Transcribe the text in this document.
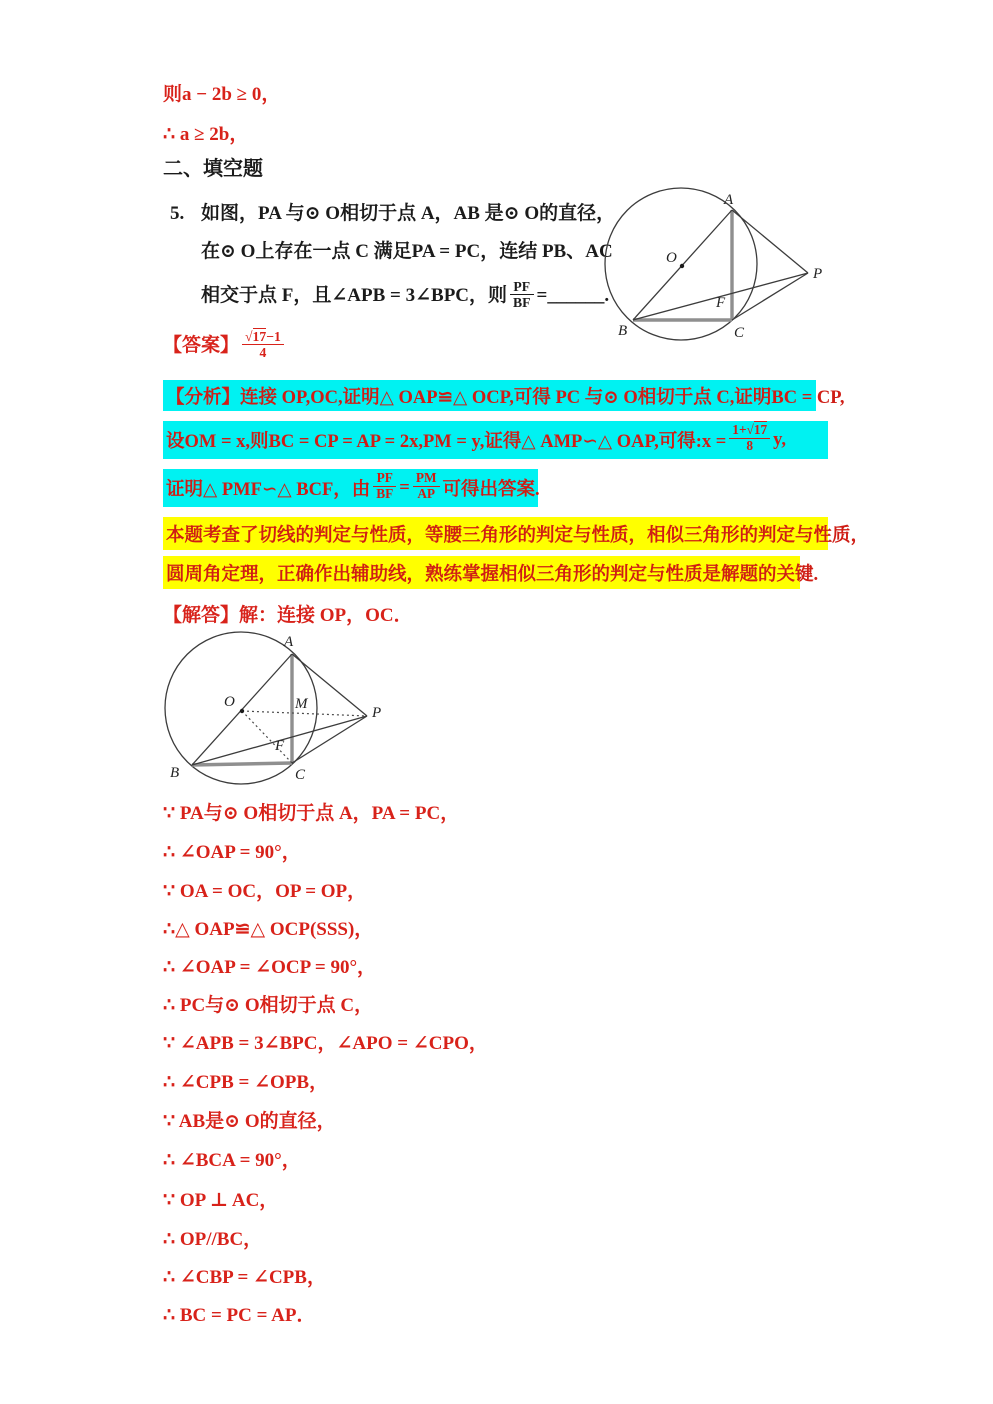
则a − 2b ≥ 0，
∴ a ≥ 2b，
二、填空题
5. 如图，PA 与⊙ O相切于点 A，AB 是⊙ O的直径，
在⊙ O上存在一点 C 满足PA = PC，连结 PB、AC
相交于点 F，且∠APB = 3∠BPC，则 $\frac{PF}{BF}$ =______.
A
O
P
B	C
F
【答案】 $\frac{√17-1}{4}$
【分析】连接 OP,OC,证明△ OAP≌△ OCP,可得 PC 与⊙ O相切于点 C,证明BC = CP,
设OM = x,则BC = CP = AP = 2x,PM = y,证得△ AMP∽△ OAP,可得:x = $\frac{1+√17}{8} y$,
证明△ PMF∽△ BCF，由 $\frac{PF}{BF} = \frac{PM}{AP}$ 可得出答案.
本题考查了切线的判定与性质，等腰三角形的判定与性质，相似三角形的判定与性质，
圆周角定理，正确作出辅助线，熟练掌握相似三角形的判定与性质是解题的关键.
【解答】解：连接 OP，OC．
A
O	M
P
B
F
C
∵ PA与⊙ O相切于点 A，PA = PC，
∴ ∠OAP = 90°，
∵ OA = OC，OP = OP，
∴△ OAP≌△ OCP(SSS)，
∴ ∠OAP = ∠OCP = 90°，
∴ PC与⊙ O相切于点 C，
∵ ∠APB = 3∠BPC，∠APO = ∠CPO，
∴ ∠CPB = ∠OPB，
∵ AB是⊙ O的直径，
∴ ∠BCA = 90°，
∵ OP ⊥ AC，
∴ OP//BC，
∴ ∠CBP = ∠CPB，
∴ BC = PC = AP．
